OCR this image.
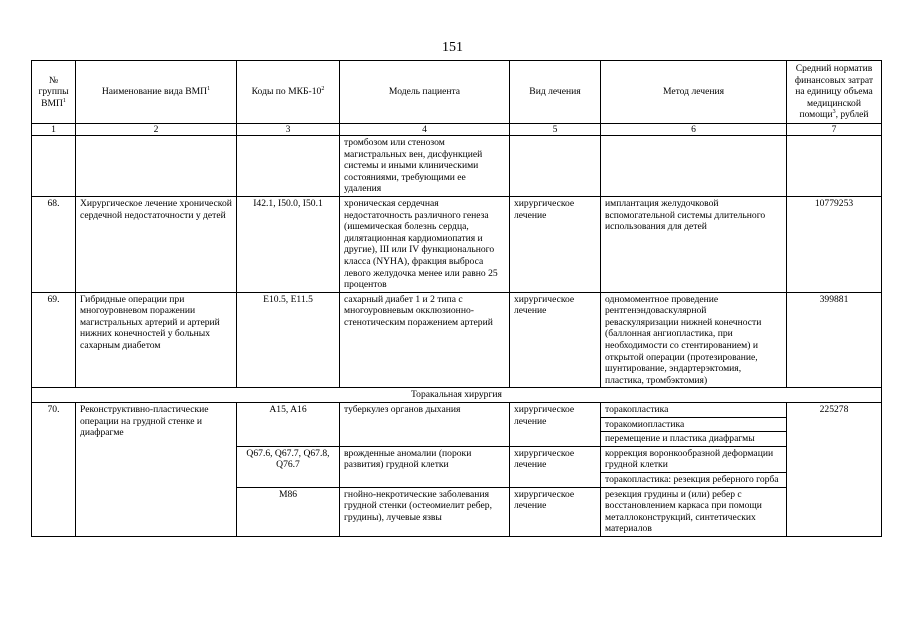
151
№ группы ВМП$^1$	Наименование вида ВМП$^1$	Коды по МКБ-$10^2$	Модель пациента	Вид лечения	Метод лечения	Средний норматив финансовых затрат на единицу объема медицинской помощи$^3$, рублей
1	2	3	4	5	6	7
			тромбозом или стенозом магистральных вен, дисфункцией системы и иными клиническими состояниями, требующими ее удаления			
68.	Хирургическое лечение хронической сердечной недостаточности у детей	I42.1, I50.0, I50.1	хроническая сердечная недостаточность различного генеза (ишемическая болезнь сердца, дилятационная кардиомиопатия и другие), III или IV функционального класса (NYHA), фракция выброса левого желудочка менее или равно 25 процентов	хирургическое лечение	имплантация желудочковой вспомогательной системы длительного использования для детей	10779253
69.	Гибридные операции при многоуровневом поражении магистральных артерий и артерий нижних конечностей у больных сахарным диабетом	E10.5, E11.5	сахарный диабет 1 и 2 типа с многоуровневым окклюзионно-стенотическим поражением артерий	хирургическое лечение	одномоментное проведение рентгенэндоваскулярной реваскуляризации нижней конечности (баллонная ангиопластика, при необходимости со стентированием) и открытой операции (протезирование, шунтирование, эндартерэктомия, пластика, тромбэктомия)	399881
Торакальная хирургия						
70.	Реконструктивно-пластические операции на грудной стенке и диафрагме	A15, A16	туберкулез органов дыхания	хирургическое лечение	торакопластика	225278
					торакомиопластика	
					перемещение и пластика диафрагмы	
		Q67.6, Q67.7, Q67.8, Q76.7	врожденные аномалии (пороки развития) грудной клетки	хирургическое лечение	коррекция воронкообразной деформации грудной клетки	
					торакопластика: резекция реберного горба	
		M86	гнойно-некротические заболевания грудной стенки (остеомиелит ребер, грудины), лучевые язвы	хирургическое лечение	резекция грудины и (или) ребер с восстановлением каркаса при помощи металлоконструкций, синтетических материалов	
